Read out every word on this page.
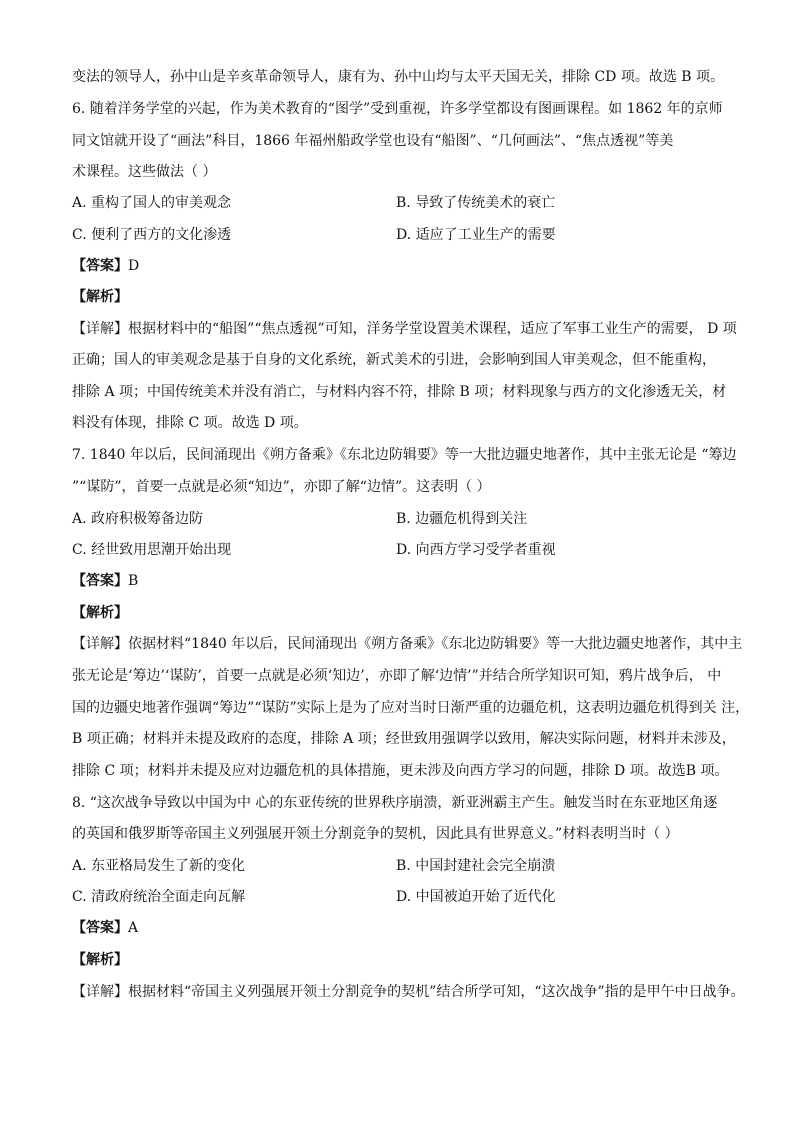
变法的领导人，孙中山是辛亥革命领导人，康有为、孙中山均与太平天国无关，排除 CD 项。故选 B 项。
6. 随着洋务学堂的兴起，作为美术教育的“图学”受到重视，许多学堂都设有图画课程。如 1862 年的京师
同文馆就开设了“画法”科目，1866 年福州船政学堂也设有“船图”、“几何画法”、“焦点透视”等美
术课程。这些做法（ ）
A. 重构了国人的审美观念	B. 导致了传统美术的衰亡
C. 便利了西方的文化渗透	D. 适应了工业生产的需要
【答案】D
【解析】
【详解】根据材料中的“船图”“焦点透视”可知，洋务学堂设置美术课程，适应了军事工业生产的需要， D 项
正确；国人的审美观念是基于自身的文化系统，新式美术的引进，会影响到国人审美观念，但不能重构，
排除 A 项；中国传统美术并没有消亡，与材料内容不符，排除 B 项；材料现象与西方的文化渗透无关，材
料没有体现，排除 C 项。故选 D 项。
7. 1840 年以后，民间涌现出《朔方备乘》《东北边防辑要》等一大批边疆史地著作，其中主张无论是 “筹边
”“谋防”，首要一点就是必须“知边”，亦即了解“边情”。这表明（ ）
A. 政府积极筹备边防	B. 边疆危机得到关注
C. 经世致用思潮开始出现	D. 向西方学习受学者重视
【答案】B
【解析】
【详解】依据材料“1840 年以后，民间涌现出《朔方备乘》《东北边防辑要》等一大批边疆史地著作，其中主
张无论是‘筹边’‘谋防’，首要一点就是必须‘知边’，亦即了解‘边情’”并结合所学知识可知，鸦片战争后， 中
国的边疆史地著作强调“筹边”“谋防”实际上是为了应对当时日渐严重的边疆危机，这表明边疆危机得到关 注，
B 项正确；材料并未提及政府的态度，排除 A 项；经世致用强调学以致用，解决实际问题，材料并未涉及，
排除 C 项；材料并未提及应对边疆危机的具体措施，更未涉及向西方学习的问题，排除 D 项。故选B 项。
8. “这次战争导致以中国为中 心的东亚传统的世界秩序崩溃，新亚洲霸主产生。触发当时在东亚地区角逐
的英国和俄罗斯等帝国主义列强展开领土分割竞争的契机，因此具有世界意义。”材料表明当时（ ）
A. 东亚格局发生了新的变化	B. 中国封建社会完全崩溃
C. 清政府统治全面走向瓦解	D. 中国被迫开始了近代化
【答案】A
【解析】
【详解】根据材料“帝国主义列强展开领土分割竞争的契机”结合所学可知，“这次战争”指的是甲午中日战争。
